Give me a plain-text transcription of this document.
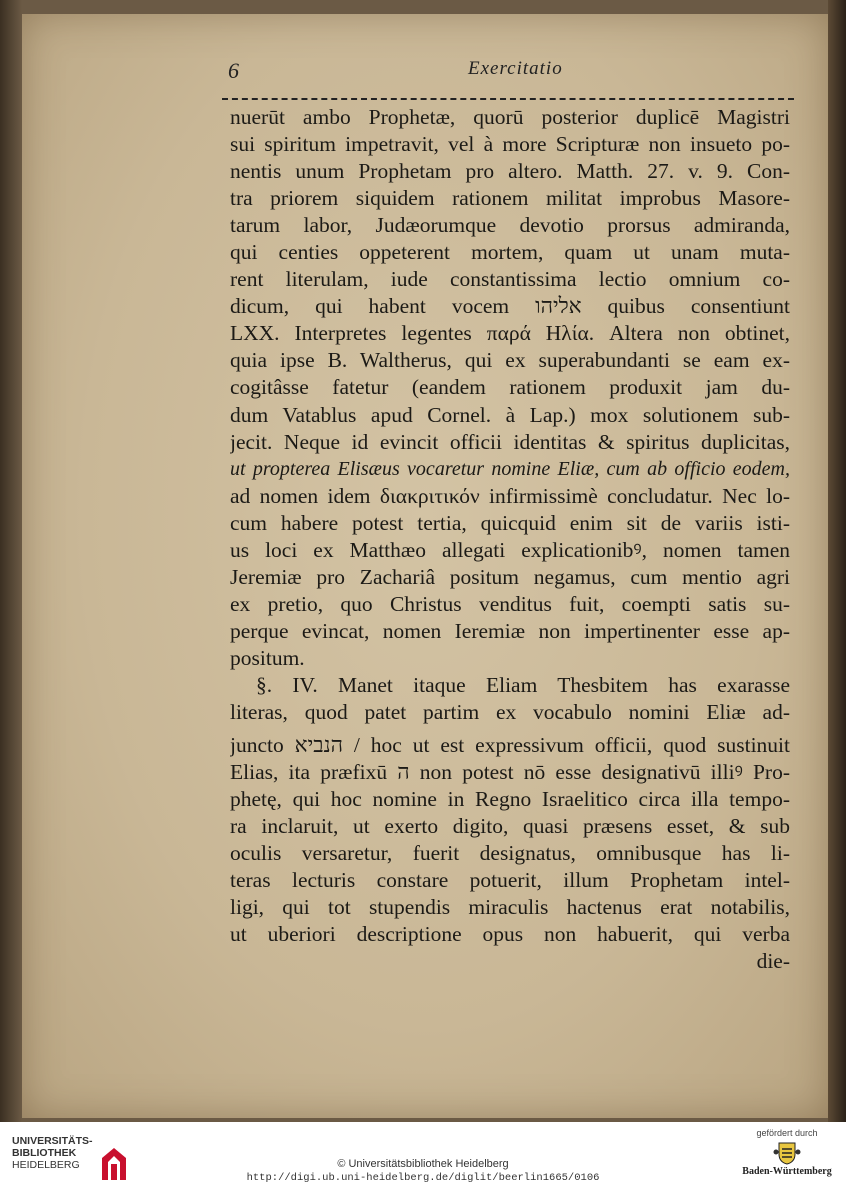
6	Exercitatio
nuerūt ambo Prophetæ, quorū posterior duplicē Magistri
sui spiritum impetravit, vel à more Scripturæ non insueto po-
nentis unum Prophetam pro altero. Matth. 27. v. 9. Con-
tra priorem siquidem rationem militat improbus Masore-
tarum labor, Judæorumque devotio prorsus admiranda,
qui centies oppeterent mortem, quam ut unam muta-
rent literulam, iude constantissima lectio omnium co-
dicum, qui habent vocem אליהו quibus consentiunt
LXX. Interpretes legentes παρά Ηλία. Altera non obtinet,
quia ipse B. Waltherus, qui ex superabundanti se eam ex-
cogitâsse fatetur (eandem rationem produxit jam du-
dum Vatablus apud Cornel. à Lap.) mox solutionem sub-
jecit. Neque id evincit officii identitas & spiritus duplicitas,
ut propterea Elisæus vocaretur nomine Eliæ, cum ab officio eodem,
ad nomen idem διακριτικόν infirmissimè concludatur. Nec lo-
cum habere potest tertia, quicquid enim sit de variis isti-
us loci ex Matthæo allegati explicationibꝰ, nomen tamen
Jeremiæ pro Zachariâ positum negamus, cum mentio agri
ex pretio, quo Christus venditus fuit, coempti satis su-
perque evincat, nomen Ieremiæ non impertinenter esse ap-
positum.
§. IV. Manet itaque Eliam Thesbitem has exarasse
literas, quod patet partim ex vocabulo nomini Eliæ ad-
juncto הנביא / hoc ut est expressivum officii, quod sustinuit
Elias, ita præfixū ה non potest nō esse designativū illiꝰ Pro-
phetę, qui hoc nomine in Regno Israelitico circa illa tempo-
ra inclaruit, ut exerto digito, quasi præsens esset, & sub
oculis versaretur, fuerit designatus, omnibusque has li-
teras lecturis constare potuerit, illum Prophetam intel-
ligi, qui tot stupendis miraculis hactenus erat notabilis,
ut uberiori descriptione opus non habuerit, qui verba
die-
UNIVERSITÄTS-
BIBLIOTHEK
HEIDELBERG	© Universitätsbibliothek Heidelberg
http://digi.ub.uni-heidelberg.de/diglit/beerlin1665/0106
gefördert durch
Baden-Württemberg
